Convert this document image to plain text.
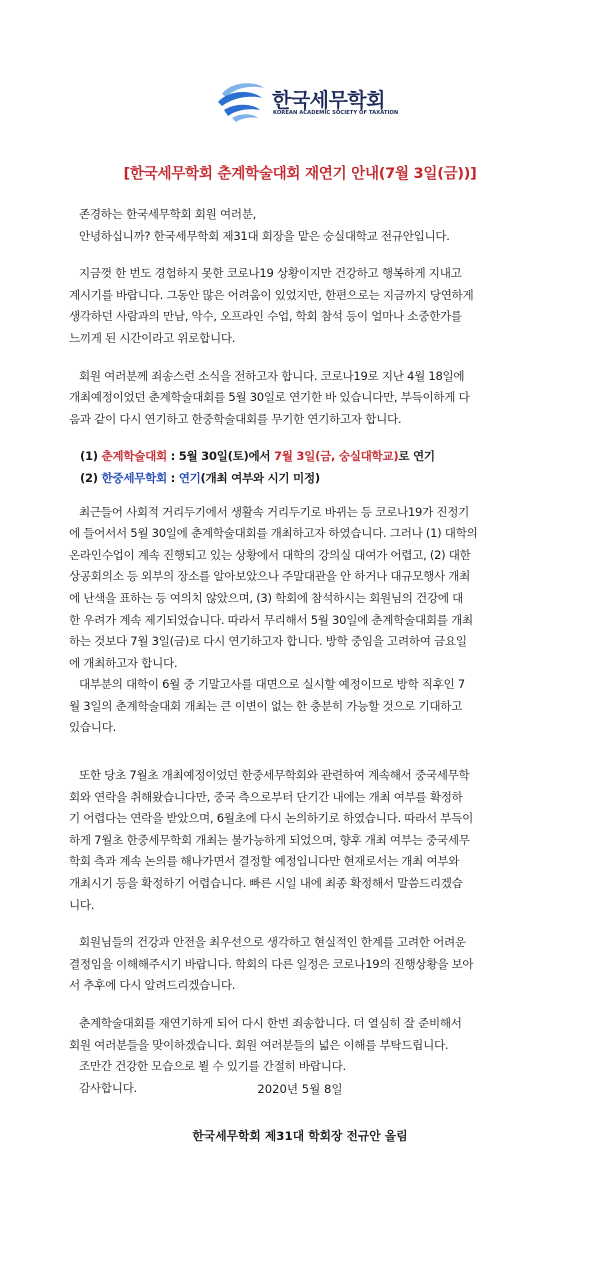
한국세무학회
KOREAN ACADEMIC SOCIETY OF TAXATION
[한국세무학회 춘계학술대회 재연기 안내(7월 3일(금))]
존경하는 한국세무학회 회원 여러분,
안녕하십니까? 한국세무학회 제31대 회장을 맡은 숭실대학교 전규안입니다.
지금껏 한 번도 경험하지 못한 코로나19 상황이지만 건강하고 행복하게 지내고
계시기를 바랍니다. 그동안 많은 어려움이 있었지만, 한편으로는 지금까지 당연하게
생각하던 사람과의 만남, 악수, 오프라인 수업, 학회 참석 등이 얼마나 소중한가를
느끼게 된 시간이라고 위로합니다.
회원 여러분께 죄송스런 소식을 전하고자 합니다. 코로나19로 지난 4월 18일에
개최예정이었던 춘계학술대회를 5월 30일로 연기한 바 있습니다만, 부득이하게 다
음과 같이 다시 연기하고 한중학술대회를 무기한 연기하고자 합니다.
(1) 춘계학술대회 : 5월 30일(토)에서 7월 3일(금, 숭실대학교)로 연기
(2) 한중세무학회 : 연기(개최 여부와 시기 미정)
최근들어 사회적 거리두기에서 생활속 거리두기로 바뀌는 등 코로나19가 진정기
에 들어서서 5월 30일에 춘계학술대회를 개최하고자 하였습니다. 그러나 (1) 대학의
온라인수업이 계속 진행되고 있는 상황에서 대학의 강의실 대여가 어렵고, (2) 대한
상공회의소 등 외부의 장소를 알아보았으나 주말대관을 안 하거나 대규모행사 개최
에 난색을 표하는 등 여의치 않았으며, (3) 학회에 참석하시는 회원님의 건강에 대
한 우려가 계속 제기되었습니다. 따라서 무리해서 5월 30일에 춘계학술대회를 개최
하는 것보다 7월 3일(금)로 다시 연기하고자 합니다. 방학 중임을 고려하여 금요일
에 개최하고자 합니다.
대부분의 대학이 6월 중 기말고사를 대면으로 실시할 예정이므로 방학 직후인 7
월 3일의 춘계학술대회 개최는 큰 이변이 없는 한 충분히 가능할 것으로 기대하고
있습니다.
또한 당초 7월초 개최예정이었던 한중세무학회와 관련하여 계속해서 중국세무학
회와 연락을 취해왔습니다만, 중국 측으로부터 단기간 내에는 개최 여부를 확정하
기 어렵다는 연락을 받았으며, 6월초에 다시 논의하기로 하였습니다. 따라서 부득이
하게 7월초 한중세무학회 개최는 불가능하게 되었으며, 향후 개최 여부는 중국세무
학회 측과 계속 논의를 해나가면서 결정할 예정입니다만 현재로서는 개최 여부와
개최시기 등을 확정하기 어렵습니다. 빠른 시일 내에 최종 확정해서 말씀드리겠습
니다.
회원님들의 건강과 안전을 최우선으로 생각하고 현실적인 한계를 고려한 어려운
결정임을 이해해주시기 바랍니다. 학회의 다른 일정은 코로나19의 진행상황을 보아
서 추후에 다시 알려드리겠습니다.
춘계학술대회를 재연기하게 되어 다시 한번 죄송합니다. 더 열심히 잘 준비해서
회원 여러분들을 맞이하겠습니다. 회원 여러분들의 넓은 이해를 부탁드립니다.
조만간 건강한 모습으로 뵐 수 있기를 간절히 바랍니다.
감사합니다.	2020년 5월 8일
한국세무학회 제31대 학회장 전규안 올림
